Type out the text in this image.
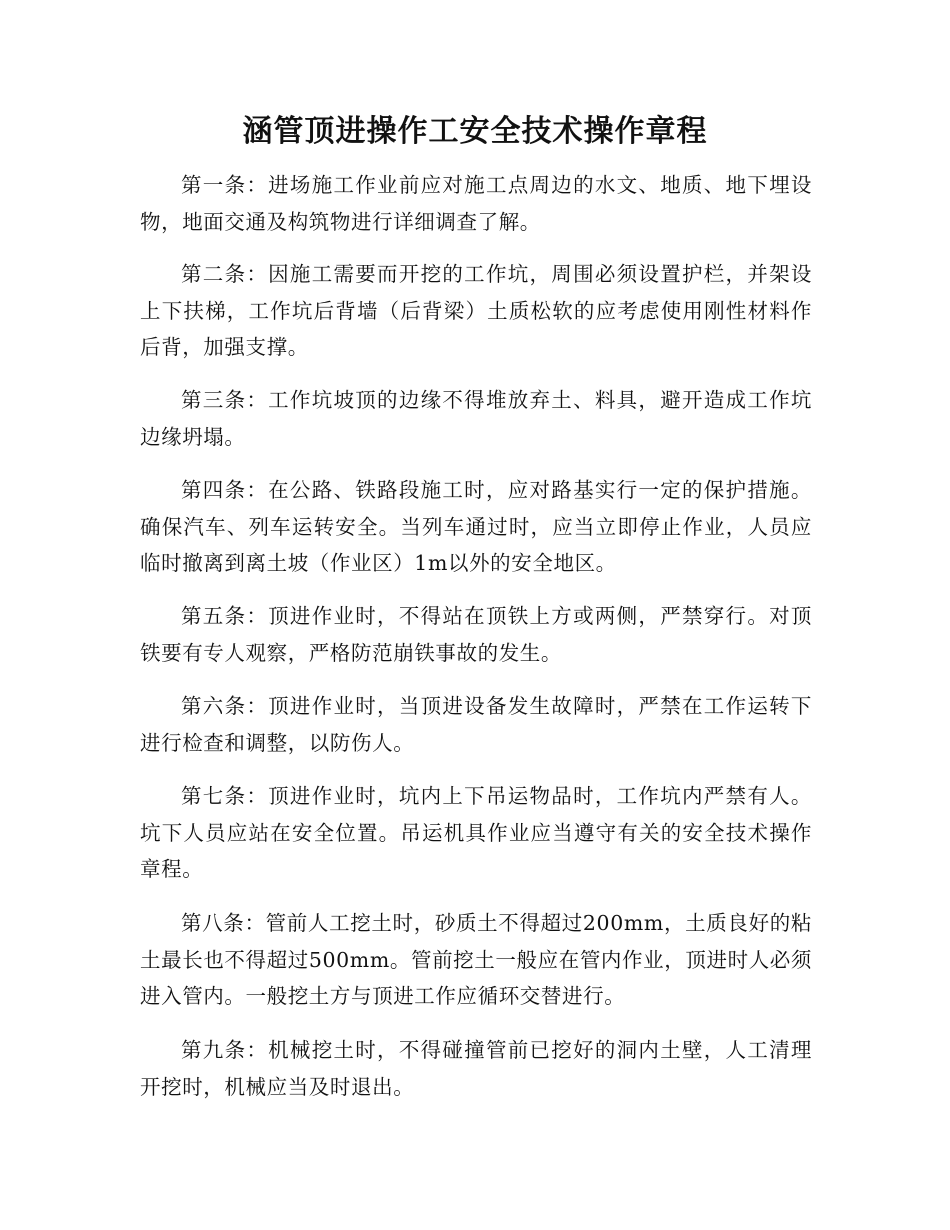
涵管顶进操作工安全技术操作章程

第一条：进场施工作业前应对施工点周边的水文、地质、地下埋设物，地面交通及构筑物进行详细调查了解。

第二条：因施工需要而开挖的工作坑，周围必须设置护栏，并架设上下扶梯，工作坑后背墙（后背梁）土质松软的应考虑使用刚性材料作后背，加强支撑。

第三条：工作坑坡顶的边缘不得堆放弃土、料具，避开造成工作坑边缘坍塌。

第四条：在公路、铁路段施工时，应对路基实行一定的保护措施。确保汽车、列车运转安全。当列车通过时，应当立即停止作业，人员应临时撤离到离土坡（作业区）1m以外的安全地区。

第五条：顶进作业时，不得站在顶铁上方或两侧，严禁穿行。对顶铁要有专人观察，严格防范崩铁事故的发生。

第六条：顶进作业时，当顶进设备发生故障时，严禁在工作运转下进行检查和调整，以防伤人。

第七条：顶进作业时，坑内上下吊运物品时，工作坑内严禁有人。坑下人员应站在安全位置。吊运机具作业应当遵守有关的安全技术操作章程。

第八条：管前人工挖土时，砂质土不得超过200mm，土质良好的粘土最长也不得超过500mm。管前挖土一般应在管内作业，顶进时人必须进入管内。一般挖土方与顶进工作应循环交替进行。

第九条：机械挖土时，不得碰撞管前已挖好的洞内土壁，人工清理开挖时，机械应当及时退出。
